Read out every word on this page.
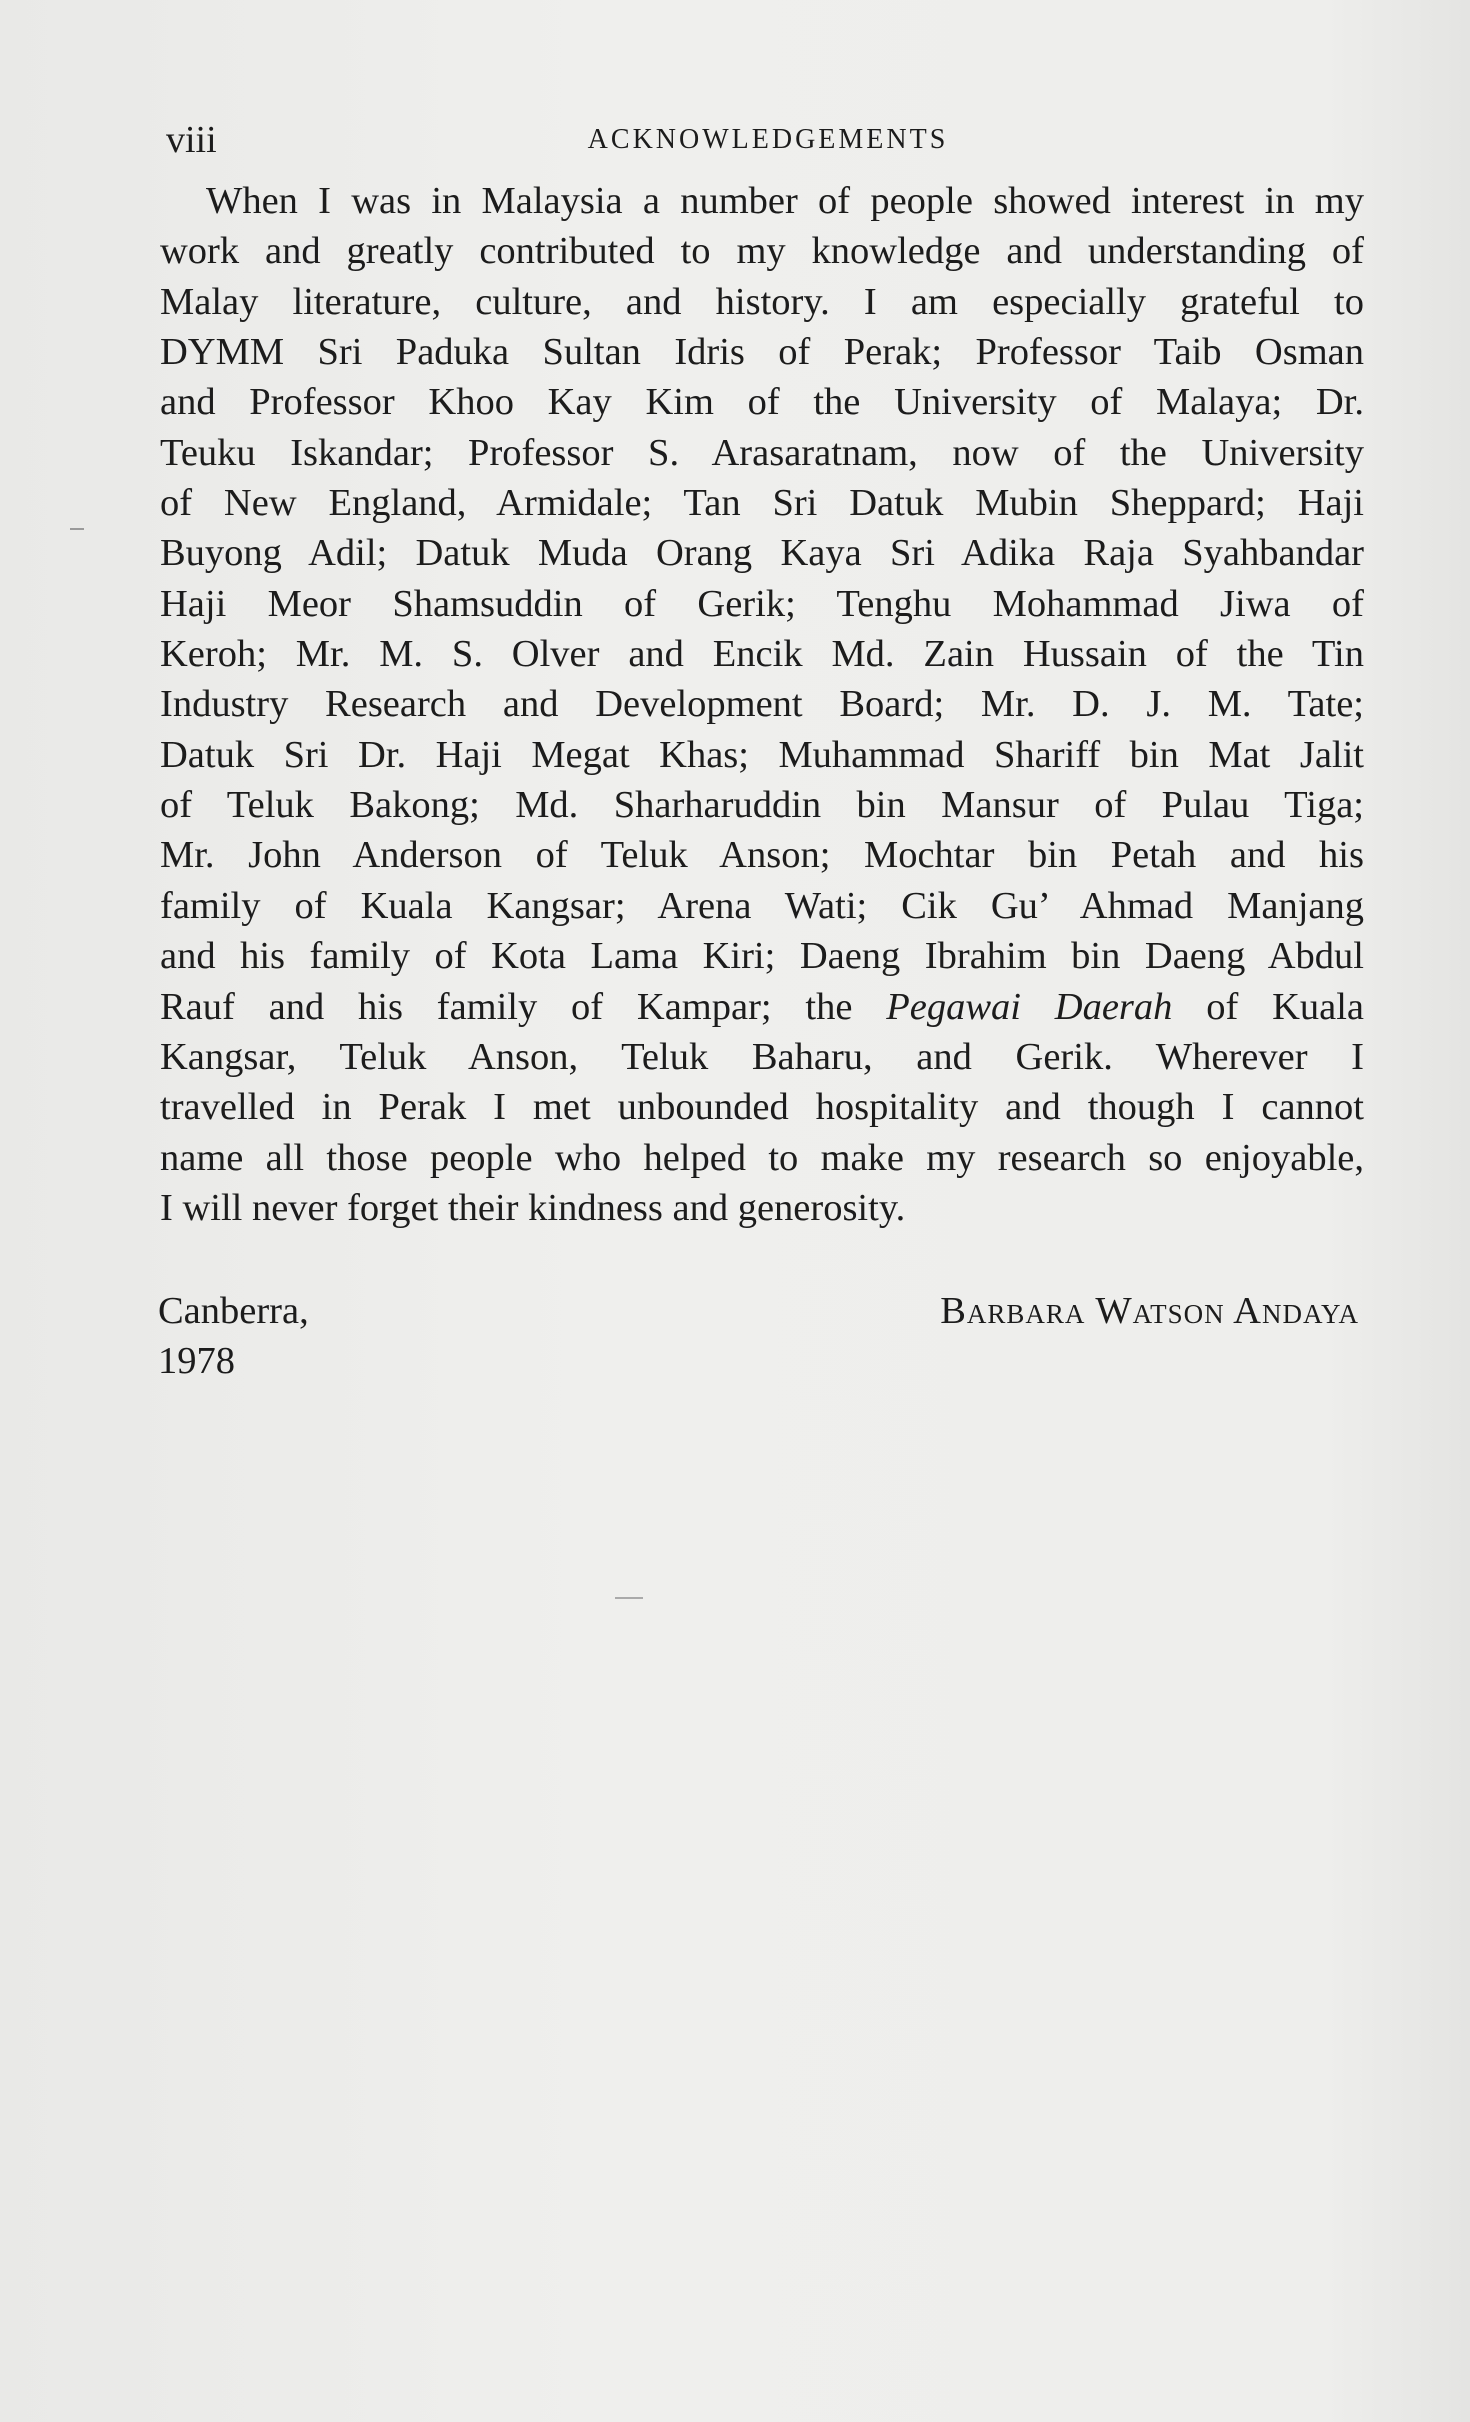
viii	ACKNOWLEDGEMENTS
When I was in Malaysia a number of people showed interest in my
work and greatly contributed to my knowledge and understanding of
Malay literature, culture, and history. I am especially grateful to
DYMM Sri Paduka Sultan Idris of Perak; Professor Taib Osman
and Professor Khoo Kay Kim of the University of Malaya; Dr.
Teuku Iskandar; Professor S. Arasaratnam, now of the University
of New England, Armidale; Tan Sri Datuk Mubin Sheppard; Haji
Buyong Adil; Datuk Muda Orang Kaya Sri Adika Raja Syahbandar
Haji Meor Shamsuddin of Gerik; Tenghu Mohammad Jiwa of
Keroh; Mr. M. S. Olver and Encik Md. Zain Hussain of the Tin
Industry Research and Development Board; Mr. D. J. M. Tate;
Datuk Sri Dr. Haji Megat Khas; Muhammad Shariff bin Mat Jalit
of Teluk Bakong; Md. Sharharuddin bin Mansur of Pulau Tiga;
Mr. John Anderson of Teluk Anson; Mochtar bin Petah and his
family of Kuala Kangsar; Arena Wati; Cik Gu’ Ahmad Manjang
and his family of Kota Lama Kiri; Daeng Ibrahim bin Daeng Abdul
Rauf and his family of Kampar; the Pegawai Daerah of Kuala
Kangsar, Teluk Anson, Teluk Baharu, and Gerik. Wherever I
travelled in Perak I met unbounded hospitality and though I cannot
name all those people who helped to make my research so enjoyable,
I will never forget their kindness and generosity.
Canberra,
1978
Barbara Watson Andaya
